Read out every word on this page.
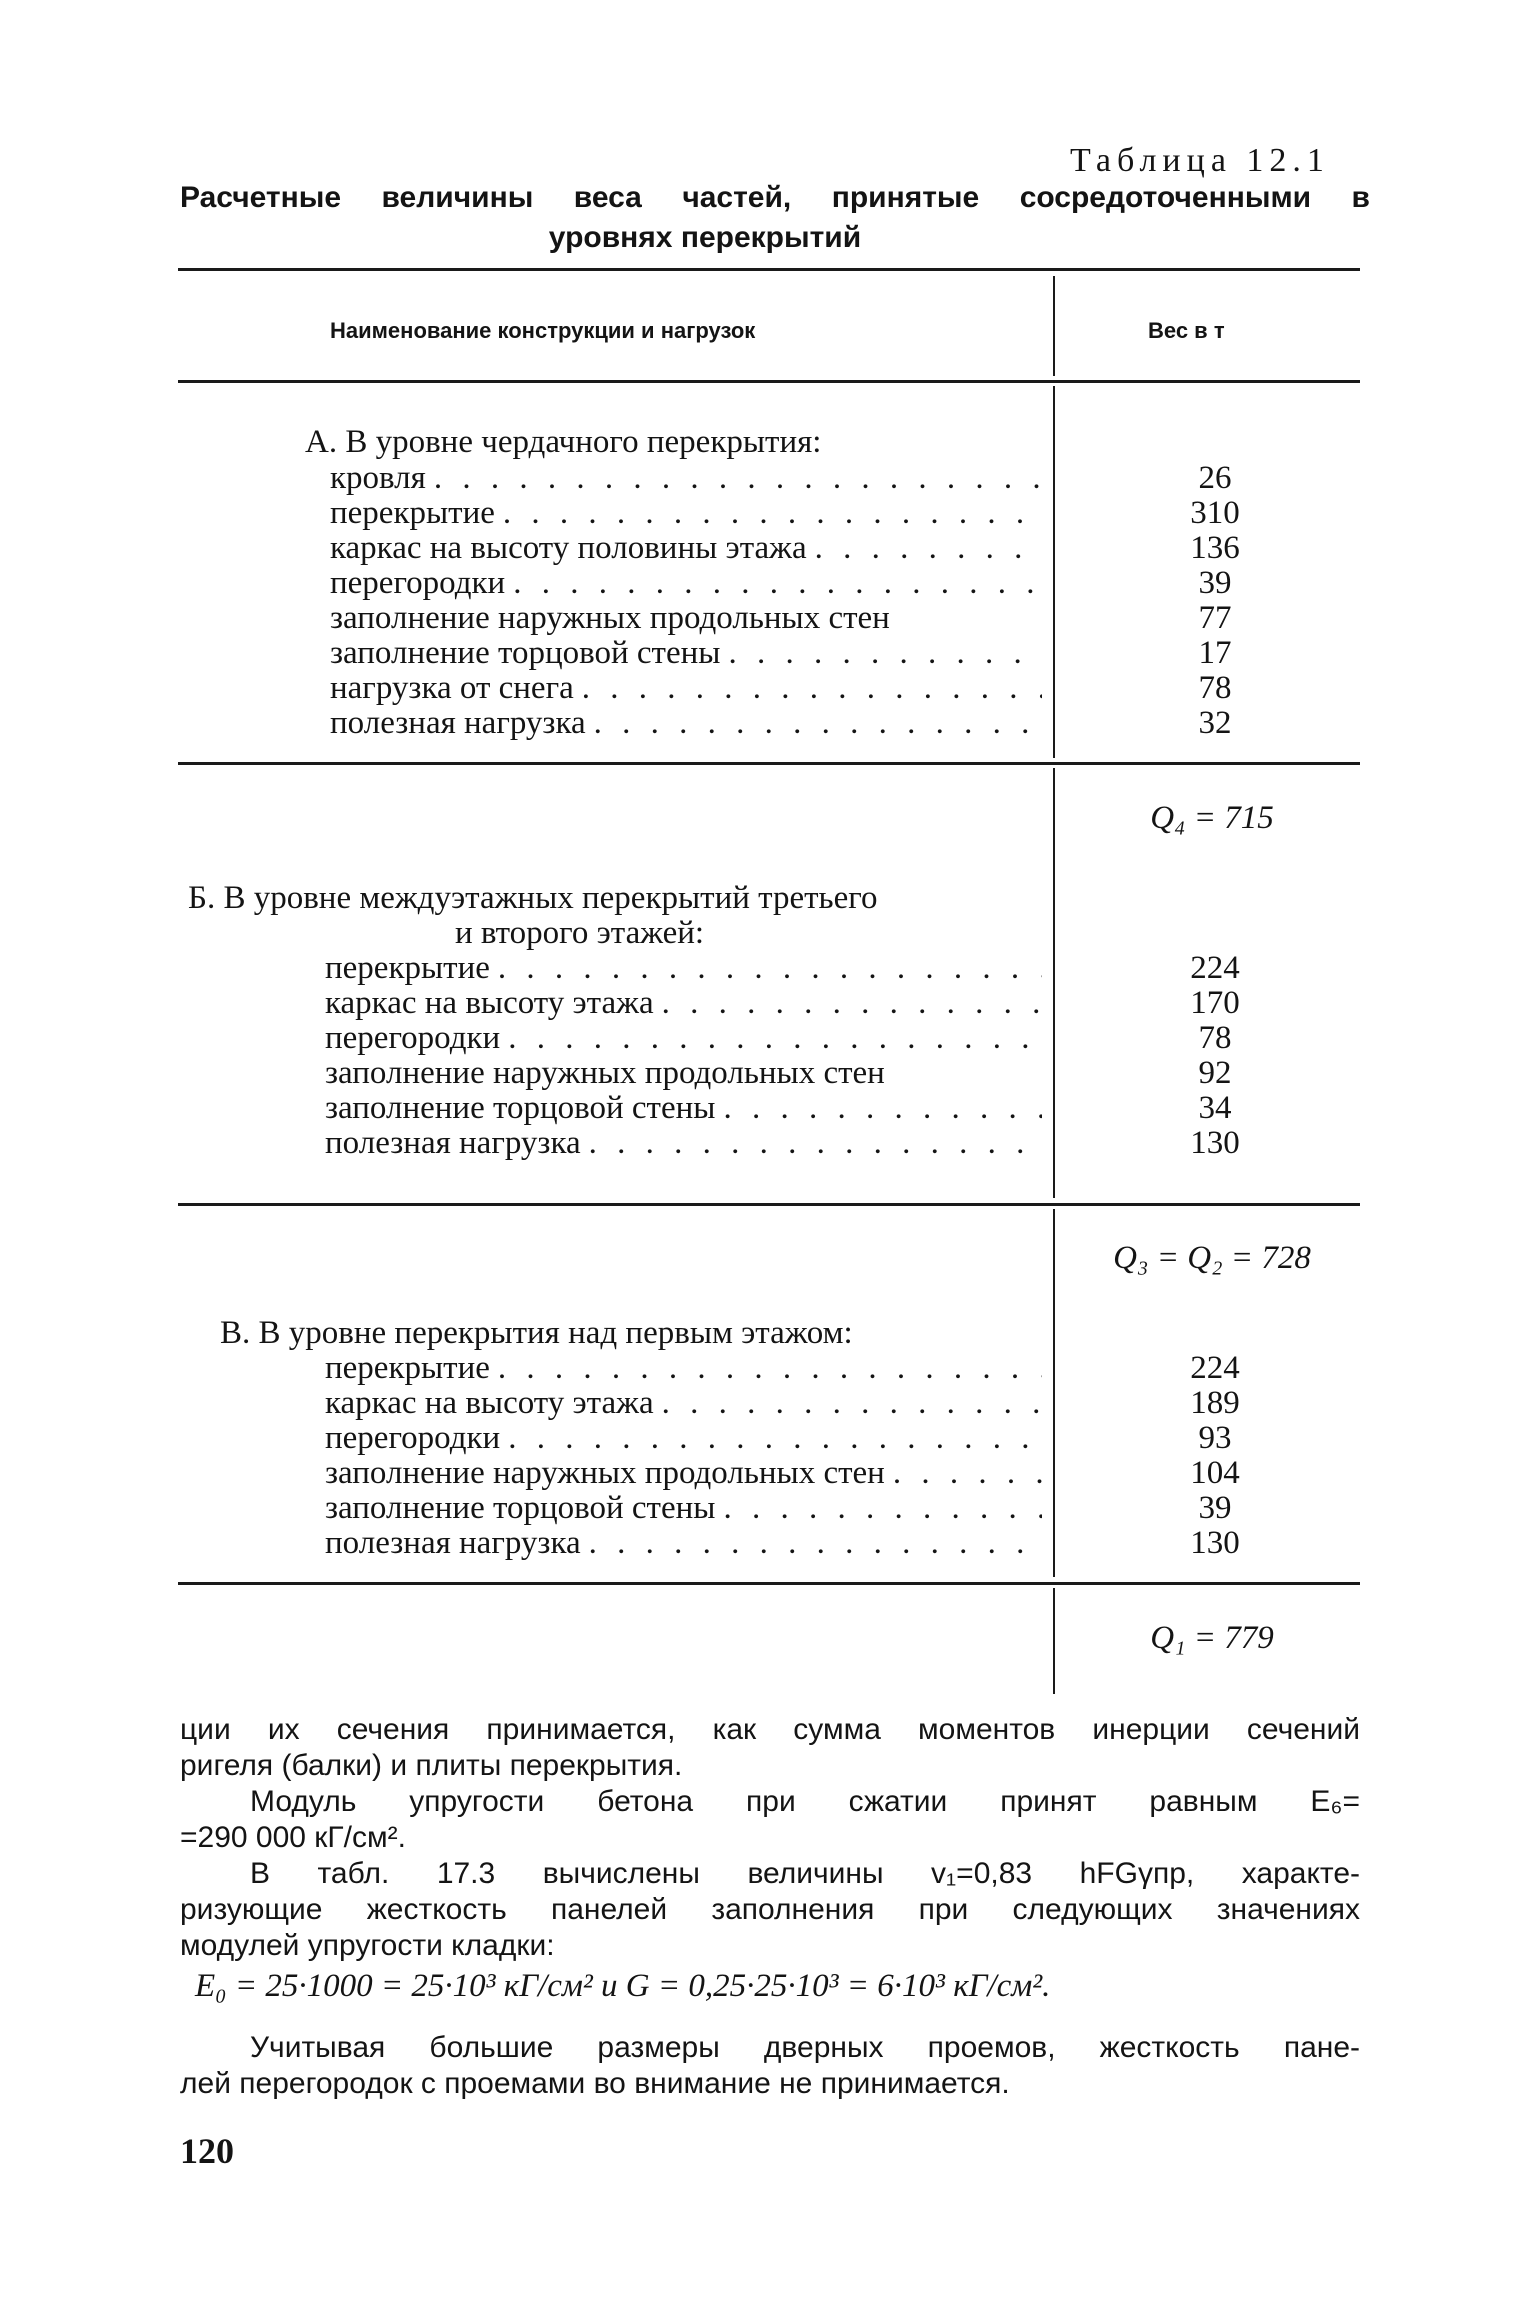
Таблица 12.1
Расчетные величины веса частей, принятые сосредоточенными в
уровнях перекрытий
Наименование конструкции и нагрузок	Вес в т
А. В уровне чердачного перекрытия:
кровля . . .	26
перекрытие . . .	310
каркас на высоту половины этажа . . .	136
перегородки . . .	39
заполнение наружных продольных стен	77
заполнение торцовой стены . . .	17
нагрузка от снега . . .	78
полезная нагрузка . . .	32
Q₄ = 715
Б. В уровне междуэтажных перекрытий третьего
и второго этажей:
перекрытие . . .	224
каркас на высоту этажа . . .	170
перегородки . . .	78
заполнение наружных продольных стен	92
заполнение торцовой стены . . .	34
полезная нагрузка . . .	130
Q₃ = Q₂ = 728
В. В уровне перекрытия над первым этажом:
перекрытие . . .	224
каркас на высоту этажа . . .	189
перегородки . . .	93
заполнение наружных продольных стен . . .	104
заполнение торцовой стены . . .	39
полезная нагрузка . . .	130
Q₁ = 779
ции их сечения принимается, как сумма моментов инерции сечений
ригеля (балки) и плиты перекрытия.
Модуль упругости бетона при сжатии принят равным E₆=
=290 000 кГ/см².
В табл. 17.3 вычислены величины v₁=0,83 hFGγпр, характе-
ризующие жесткость панелей заполнения при следующих значениях
модулей упругости кладки:
E₀ = 25·1000 = 25·10³ кГ/см² и G = 0,25·25·10³ = 6·10³ кГ/см².
Учитывая большие размеры дверных проемов, жесткость пане-
лей перегородок с проемами во внимание не принимается.
120
